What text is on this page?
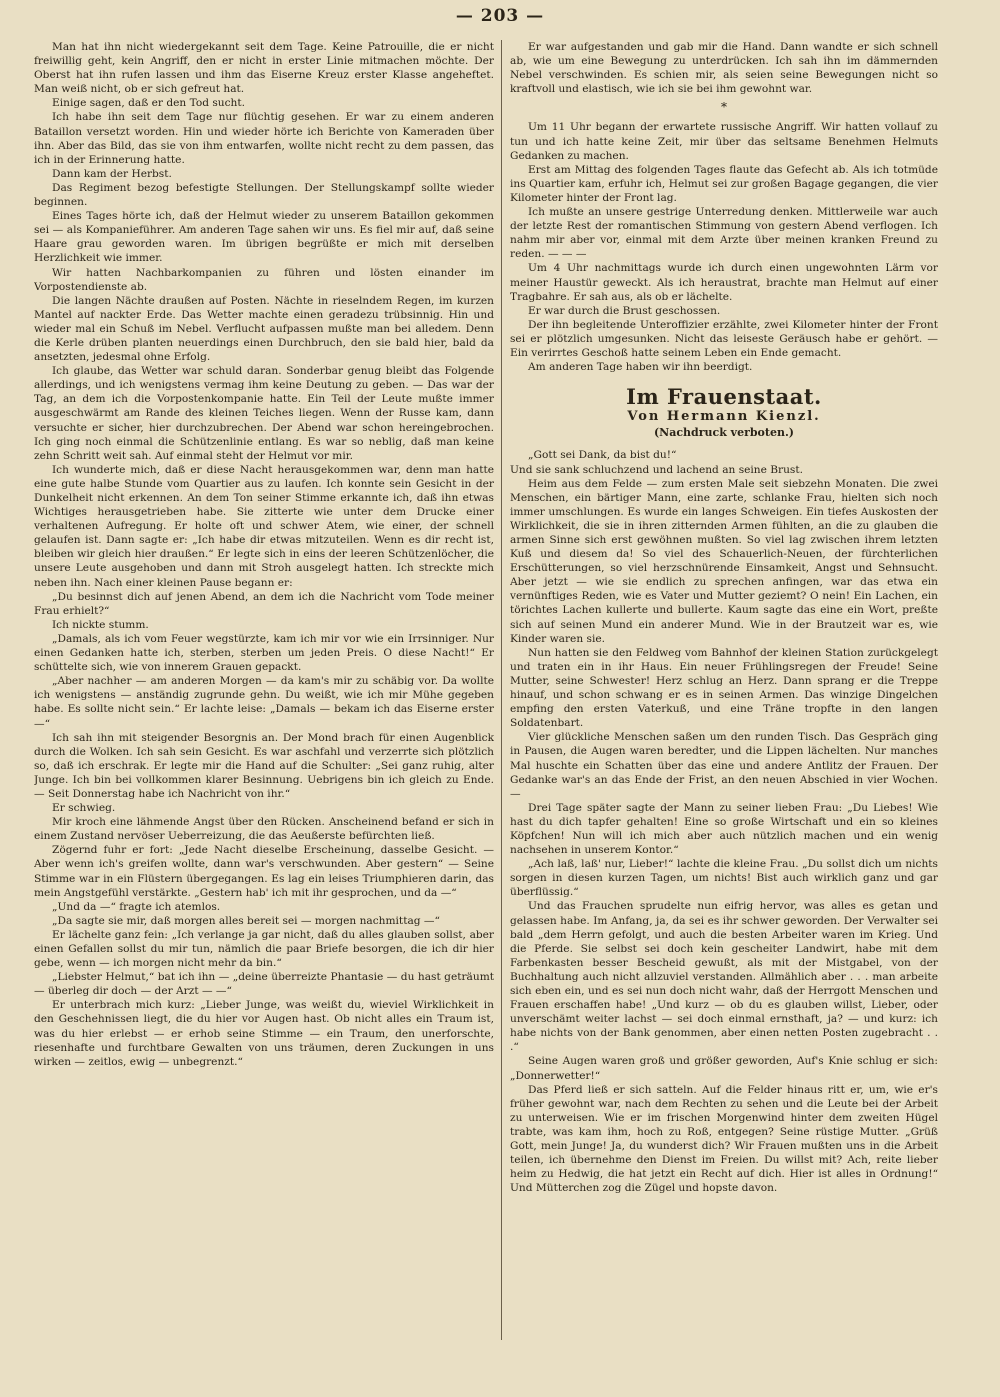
— 203 —

Man hat ihn nicht wiedergekannt seit dem Tage. Keine Patrouille, die er nicht freiwillig geht, kein Angriff, den er nicht in erster Linie mitmachen möchte. Der Oberst hat ihn rufen lassen und ihm das Eiserne Kreuz erster Klasse angeheftet. Man weiß nicht, ob er sich gefreut hat.

Einige sagen, daß er den Tod sucht.

Ich habe ihn seit dem Tage nur flüchtig gesehen. Er war zu einem anderen Bataillon versetzt worden. Hin und wieder hörte ich Berichte von Kameraden über ihn. Aber das Bild, das sie von ihm entwarfen, wollte nicht recht zu dem passen, das ich in der Erinnerung hatte.

Dann kam der Herbst.

Das Regiment bezog befestigte Stellungen. Der Stellungskampf sollte wieder beginnen.

Eines Tages hörte ich, daß der Helmut wieder zu unserem Bataillon gekommen sei — als Kompanieführer. Am anderen Tage sahen wir uns. Es fiel mir auf, daß seine Haare grau geworden waren. Im übrigen begrüßte er mich mit derselben Herzlichkeit wie immer.

Wir hatten Nachbarkompanien zu führen und lösten einander im Vorpostendienste ab.

Die langen Nächte draußen auf Posten. Nächte in rieselndem Regen, im kurzen Mantel auf nackter Erde. Das Wetter machte einen geradezu trübsinnig. Hin und wieder mal ein Schuß im Nebel. Verflucht aufpassen mußte man bei alledem. Denn die Kerle drüben planten neuerdings einen Durchbruch, den sie bald hier, bald da ansetzten, jedesmal ohne Erfolg.

Ich glaube, das Wetter war schuld daran. Sonderbar genug bleibt das Folgende allerdings, und ich wenigstens vermag ihm keine Deutung zu geben. — Das war der Tag, an dem ich die Vorpostenkompanie hatte. Ein Teil der Leute mußte immer ausgeschwärmt am Rande des kleinen Teiches liegen. Wenn der Russe kam, dann versuchte er sicher, hier durchzubrechen. Der Abend war schon hereingebrochen. Ich ging noch einmal die Schützenlinie entlang. Es war so neblig, daß man keine zehn Schritt weit sah. Auf einmal steht der Helmut vor mir.

Ich wunderte mich, daß er diese Nacht herausgekommen war, denn man hatte eine gute halbe Stunde vom Quartier aus zu laufen. Ich konnte sein Gesicht in der Dunkelheit nicht erkennen. An dem Ton seiner Stimme erkannte ich, daß ihn etwas Wichtiges herausgetrieben habe. Sie zitterte wie unter dem Drucke einer verhaltenen Aufregung. Er holte oft und schwer Atem, wie einer, der schnell gelaufen ist. Dann sagte er: „Ich habe dir etwas mitzuteilen. Wenn es dir recht ist, bleiben wir gleich hier draußen.“ Er legte sich in eins der leeren Schützenlöcher, die unsere Leute ausgehoben und dann mit Stroh ausgelegt hatten. Ich streckte mich neben ihn. Nach einer kleinen Pause begann er:

„Du besinnst dich auf jenen Abend, an dem ich die Nachricht vom Tode meiner Frau erhielt?“

Ich nickte stumm.

„Damals, als ich vom Feuer wegstürzte, kam ich mir vor wie ein Irrsinniger. Nur einen Gedanken hatte ich, sterben, sterben um jeden Preis. O diese Nacht!“ Er schüttelte sich, wie von innerem Grauen gepackt.

„Aber nachher — am anderen Morgen — da kam's mir zu schäbig vor. Da wollte ich wenigstens — anständig zugrunde gehn. Du weißt, wie ich mir Mühe gegeben habe. Es sollte nicht sein.“ Er lachte leise: „Damals — bekam ich das Eiserne erster —“

Ich sah ihn mit steigender Besorgnis an. Der Mond brach für einen Augenblick durch die Wolken. Ich sah sein Gesicht. Es war aschfahl und verzerrte sich plötzlich so, daß ich erschrak. Er legte mir die Hand auf die Schulter: „Sei ganz ruhig, alter Junge. Ich bin bei vollkommen klarer Besinnung. Uebrigens bin ich gleich zu Ende. — Seit Donnerstag habe ich Nachricht von ihr.“

Er schwieg.

Mir kroch eine lähmende Angst über den Rücken. Anscheinend befand er sich in einem Zustand nervöser Ueberreizung, die das Aeußerste befürchten ließ.

Zögernd fuhr er fort: „Jede Nacht dieselbe Erscheinung, dasselbe Gesicht. — Aber wenn ich's greifen wollte, dann war's verschwunden. Aber gestern“ — Seine Stimme war in ein Flüstern übergegangen. Es lag ein leises Triumphieren darin, das mein Angstgefühl verstärkte. „Gestern hab' ich mit ihr gesprochen, und da —“

„Und da —“ fragte ich atemlos.

„Da sagte sie mir, daß morgen alles bereit sei — morgen nachmittag —“

Er lächelte ganz fein: „Ich verlange ja gar nicht, daß du alles glauben sollst, aber einen Gefallen sollst du mir tun, nämlich die paar Briefe besorgen, die ich dir hier gebe, wenn — ich morgen nicht mehr da bin.“

„Liebster Helmut,“ bat ich ihn — „deine überreizte Phantasie — du hast geträumt — überleg dir doch — der Arzt — —“

Er unterbrach mich kurz: „Lieber Junge, was weißt du, wieviel Wirklichkeit in den Geschehnissen liegt, die du hier vor Augen hast. Ob nicht alles ein Traum ist, was du hier erlebst — er erhob seine Stimme — ein Traum, den unerforschte, riesenhafte und furchtbare Gewalten von uns träumen, deren Zuckungen in uns wirken — zeitlos, ewig — unbegrenzt.“

Er war aufgestanden und gab mir die Hand. Dann wandte er sich schnell ab, wie um eine Bewegung zu unterdrücken. Ich sah ihn im dämmernden Nebel verschwinden. Es schien mir, als seien seine Bewegungen nicht so kraftvoll und elastisch, wie ich sie bei ihm gewohnt war.

*

Um 11 Uhr begann der erwartete russische Angriff. Wir hatten vollauf zu tun und ich hatte keine Zeit, mir über das seltsame Benehmen Helmuts Gedanken zu machen.

Erst am Mittag des folgenden Tages flaute das Gefecht ab. Als ich totmüde ins Quartier kam, erfuhr ich, Helmut sei zur großen Bagage gegangen, die vier Kilometer hinter der Front lag.

Ich mußte an unsere gestrige Unterredung denken. Mittlerweile war auch der letzte Rest der romantischen Stimmung von gestern Abend verflogen. Ich nahm mir aber vor, einmal mit dem Arzte über meinen kranken Freund zu reden. — — —

Um 4 Uhr nachmittags wurde ich durch einen ungewohnten Lärm vor meiner Haustür geweckt. Als ich heraustrat, brachte man Helmut auf einer Tragbahre. Er sah aus, als ob er lächelte.

Er war durch die Brust geschossen.

Der ihn begleitende Unteroffizier erzählte, zwei Kilometer hinter der Front sei er plötzlich umgesunken. Nicht das leiseste Geräusch habe er gehört. — Ein verirrtes Geschoß hatte seinem Leben ein Ende gemacht.

Am anderen Tage haben wir ihn beerdigt.

Im Frauenstaat.
Von Hermann Kienzl.
(Nachdruck verboten.)

„Gott sei Dank, da bist du!“

Und sie sank schluchzend und lachend an seine Brust.

Heim aus dem Felde — zum ersten Male seit siebzehn Monaten. Die zwei Menschen, ein bärtiger Mann, eine zarte, schlanke Frau, hielten sich noch immer umschlungen. Es wurde ein langes Schweigen. Ein tiefes Auskosten der Wirklichkeit, die sie in ihren zitternden Armen fühlten, an die zu glauben die armen Sinne sich erst gewöhnen mußten. So viel lag zwischen ihrem letzten Kuß und diesem da! So viel des Schauerlich-Neuen, der fürchterlichen Erschütterungen, so viel herzschnürende Einsamkeit, Angst und Sehnsucht. Aber jetzt — wie sie endlich zu sprechen anfingen, war das etwa ein vernünftiges Reden, wie es Vater und Mutter geziemt? O nein! Ein Lachen, ein törichtes Lachen kullerte und bullerte. Kaum sagte das eine ein Wort, preßte sich auf seinen Mund ein anderer Mund. Wie in der Brautzeit war es, wie Kinder waren sie.

Nun hatten sie den Feldweg vom Bahnhof der kleinen Station zurückgelegt und traten ein in ihr Haus. Ein neuer Frühlingsregen der Freude! Seine Mutter, seine Schwester! Herz schlug an Herz. Dann sprang er die Treppe hinauf, und schon schwang er es in seinen Armen. Das winzige Dingelchen empfing den ersten Vaterkuß, und eine Träne tropfte in den langen Soldatenbart.

Vier glückliche Menschen saßen um den runden Tisch. Das Gespräch ging in Pausen, die Augen waren beredter, und die Lippen lächelten. Nur manches Mal huschte ein Schatten über das eine und andere Antlitz der Frauen. Der Gedanke war's an das Ende der Frist, an den neuen Abschied in vier Wochen. —

Drei Tage später sagte der Mann zu seiner lieben Frau: „Du Liebes! Wie hast du dich tapfer gehalten! Eine so große Wirtschaft und ein so kleines Köpfchen! Nun will ich mich aber auch nützlich machen und ein wenig nachsehen in unserem Kontor.“

„Ach laß, laß' nur, Lieber!“ lachte die kleine Frau. „Du sollst dich um nichts sorgen in diesen kurzen Tagen, um nichts! Bist auch wirklich ganz und gar überflüssig.“

Und das Frauchen sprudelte nun eifrig hervor, was alles es getan und gelassen habe. Im Anfang, ja, da sei es ihr schwer geworden. Der Verwalter sei bald „dem Herrn gefolgt, und auch die besten Arbeiter waren im Krieg. Und die Pferde. Sie selbst sei doch kein gescheiter Landwirt, habe mit dem Farbenkasten besser Bescheid gewußt, als mit der Mistgabel, von der Buchhaltung auch nicht allzuviel verstanden. Allmählich aber . . . man arbeite sich eben ein, und es sei nun doch nicht wahr, daß der Herrgott Menschen und Frauen erschaffen habe! „Und kurz — ob du es glauben willst, Lieber, oder unverschämt weiter lachst — sei doch einmal ernsthaft, ja? — und kurz: ich habe nichts von der Bank genommen, aber einen netten Posten zugebracht . . .“

Seine Augen waren groß und größer geworden, Auf's Knie schlug er sich: „Donnerwetter!“

Das Pferd ließ er sich satteln. Auf die Felder hinaus ritt er, um, wie er's früher gewohnt war, nach dem Rechten zu sehen und die Leute bei der Arbeit zu unterweisen. Wie er im frischen Morgenwind hinter dem zweiten Hügel trabte, was kam ihm, hoch zu Roß, entgegen? Seine rüstige Mutter. „Grüß Gott, mein Junge! Ja, du wunderst dich? Wir Frauen mußten uns in die Arbeit teilen, ich übernehme den Dienst im Freien. Du willst mit? Ach, reite lieber heim zu Hedwig, die hat jetzt ein Recht auf dich. Hier ist alles in Ordnung!“ Und Mütterchen zog die Zügel und hopste davon.
